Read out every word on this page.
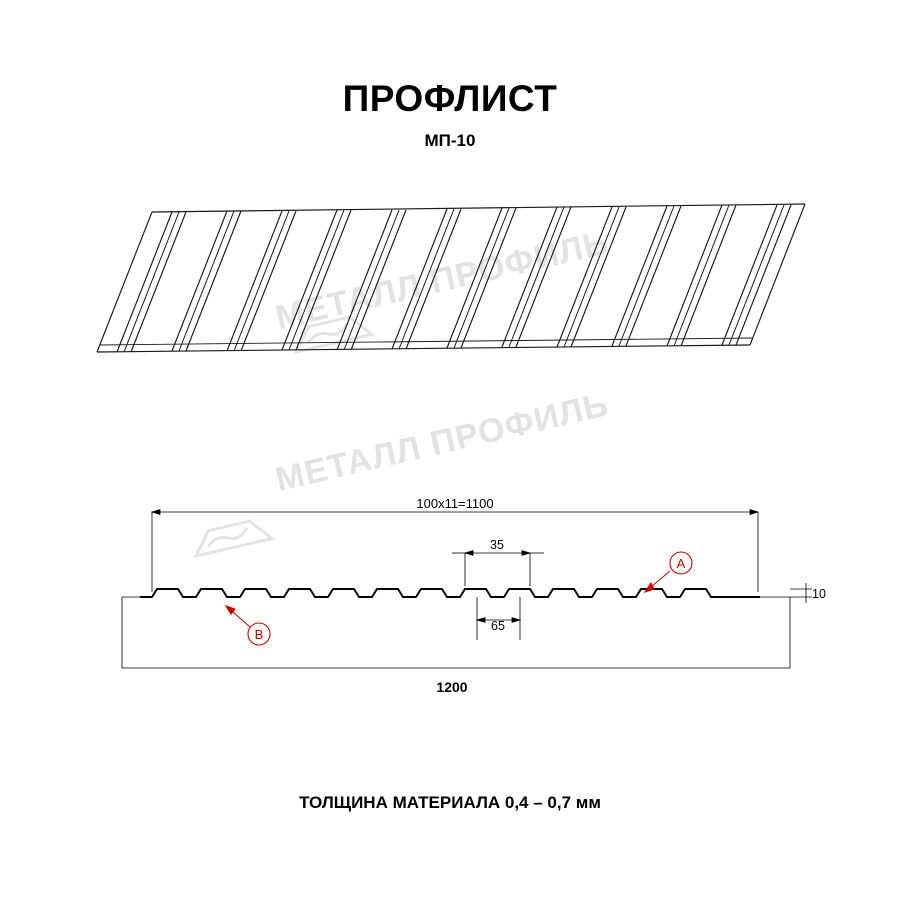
ПРОФЛИСТ
МП-10
МЕТАЛЛ ПРОФИЛЬ
МЕТАЛЛ ПРОФИЛЬ
100x11=1100
35
65
10
1200
A
B
ТОЛЩИНА МАТЕРИАЛА 0,4 – 0,7 мм
